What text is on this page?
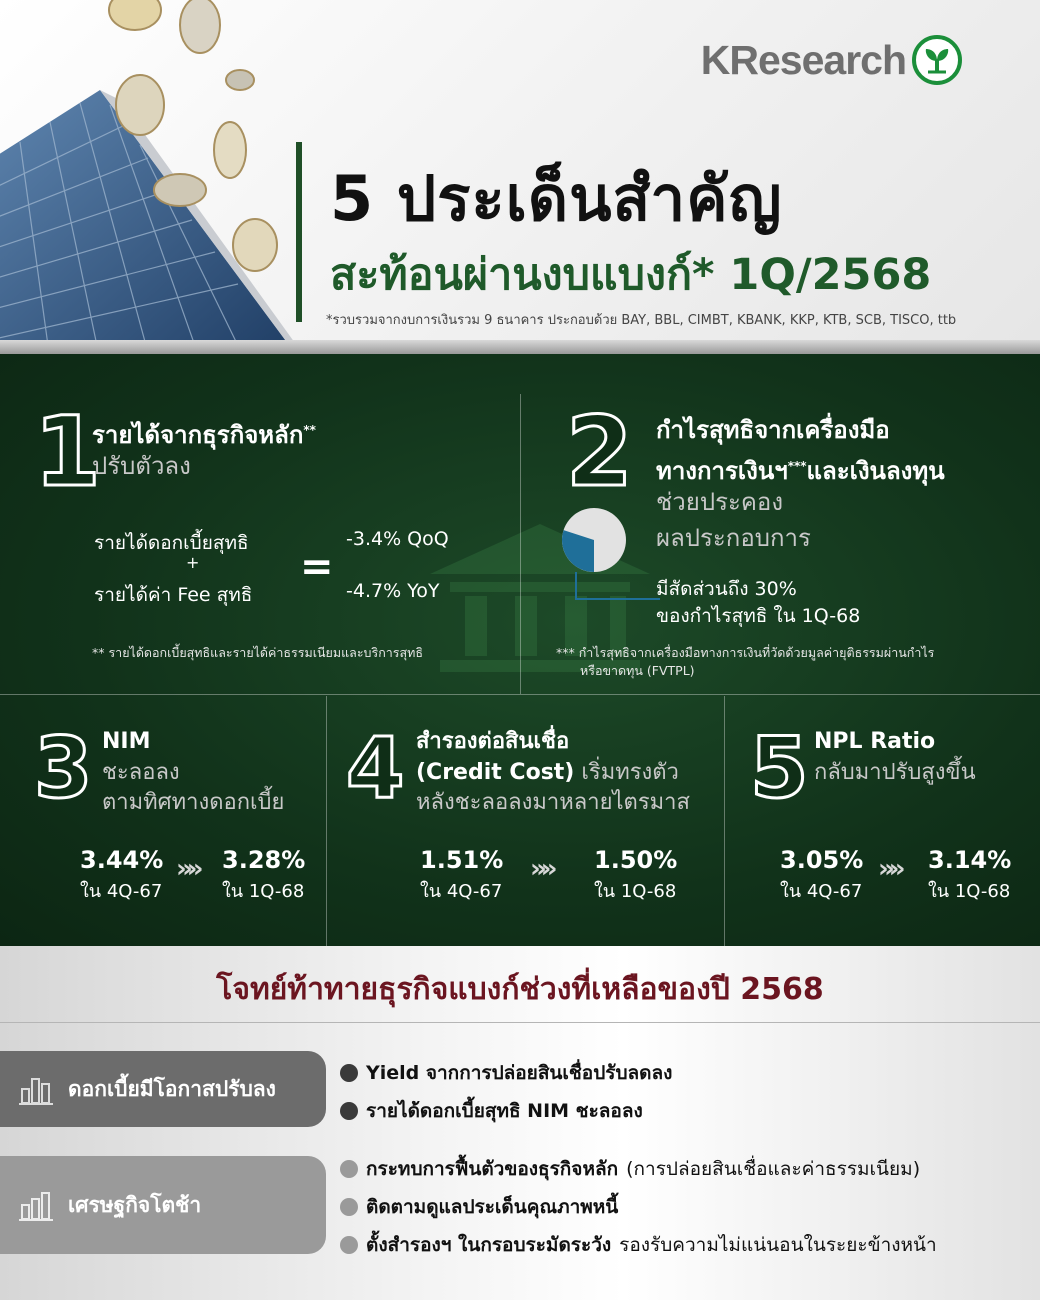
KResearch
5 ประเด็นสำคัญ
สะท้อนผ่านงบแบงก์* 1Q/2568
*รวบรวมจากงบการเงินรวม 9 ธนาคาร ประกอบด้วย BAY, BBL, CIMBT, KBANK, KKP, KTB, SCB, TISCO, ttb
1
รายได้จากธุรกิจหลัก**
ปรับตัวลง
รายได้ดอกเบี้ยสุทธิ
+
รายได้ค่า Fee สุทธิ
=
-3.4% QoQ
-4.7% YoY
** รายได้ดอกเบี้ยสุทธิและรายได้ค่าธรรมเนียมและบริการสุทธิ
2 กำไรสุทธิจากเครื่องมือ
ทางการเงินฯ***และเงินลงทุน
ช่วยประคอง
ผลประกอบการ
มีสัดส่วนถึง 30%
ของกำไรสุทธิ ใน 1Q-68
*** กำไรสุทธิจากเครื่องมือทางการเงินที่วัดด้วยมูลค่ายุติธรรมผ่านกำไร
หรือขาดทุน (FVTPL)
3 NIM
ชะลอลง
ตามทิศทางดอกเบี้ย
3.44%
ใน 4Q-67
»» 3.28%
ใน 1Q-68
4 สำรองต่อสินเชื่อ
(Credit Cost) เริ่มทรงตัว
หลังชะลอลงมาหลายไตรมาส
1.51%
ใน 4Q-67
»» 1.50%
ใน 1Q-68
5 NPL Ratio
กลับมาปรับสูงขึ้น
3.05%
ใน 4Q-67
»» 3.14%
ใน 1Q-68
โจทย์ท้าทายธุรกิจแบงก์ช่วงที่เหลือของปี 2568
ดอกเบี้ยมีโอกาสปรับลง
Yield จากการปล่อยสินเชื่อปรับลดลง
รายได้ดอกเบี้ยสุทธิ NIM ชะลอลง
เศรษฐกิจโตช้า
กระทบการฟื้นตัวของธุรกิจหลัก (การปล่อยสินเชื่อและค่าธรรมเนียม)
ติดตามดูแลประเด็นคุณภาพหนี้
ตั้งสำรองฯ ในกรอบระมัดระวัง รองรับความไม่แน่นอนในระยะข้างหน้า
